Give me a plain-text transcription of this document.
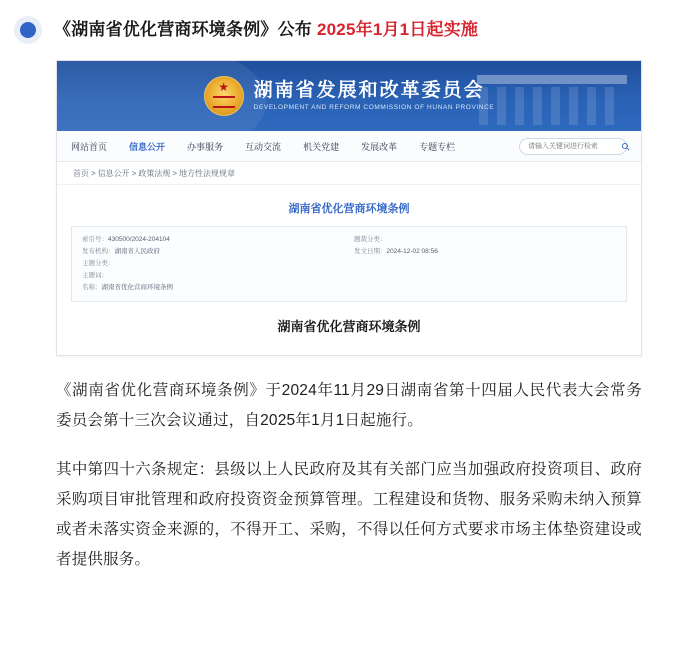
《湖南省优化营商环境条例》公布 2025年1月1日起实施
★
湖南省发展和改革委员会
DEVELOPMENT AND REFORM COMMISSION OF HUNAN PROVINCE
网站首页 信息公开 办事服务 互动交流 机关党建 发展改革 专题专栏
请输入关键词进行检索
首页 > 信息公开 > 政策法规 > 地方性法规规章
湖南省优化营商环境条例
索引号：430500/2024-204104
发布机构：湖南省人民政府
主题分类：
主题词：
名称：湖南省优化营商环境条例
题裁分类：
发文日期：2024-12-02 08:56
湖南省优化营商环境条例

《湖南省优化营商环境条例》于2024年11月29日湖南省第十四届人民代表大会常务委员会第十三次会议通过，自2025年1月1日起施行。

其中第四十六条规定：县级以上人民政府及其有关部门应当加强政府投资项目、政府采购项目审批管理和政府投资资金预算管理。工程建设和货物、服务采购未纳入预算或者未落实资金来源的，不得开工、采购，不得以任何方式要求市场主体垫资建设或者提供服务。
